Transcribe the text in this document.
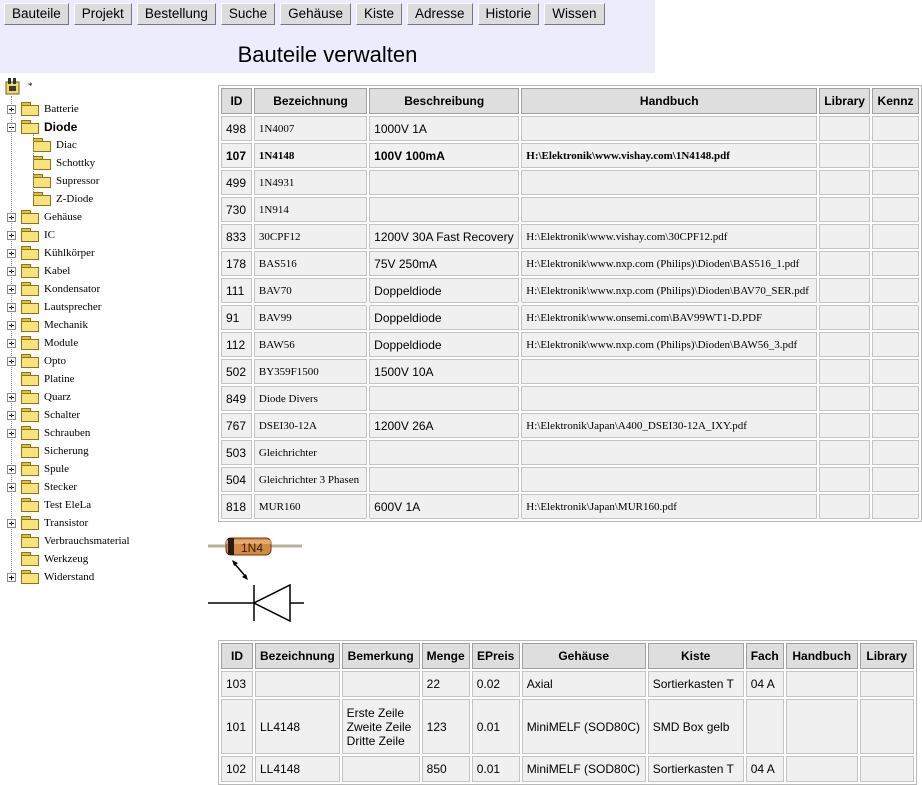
Bauteile	Projekt	Bestellung	Suche	Gehäuse	Kiste	Adresse	Historie	Wissen
Bauteile verwalten
*
Batterie
Diode
Diac
Schottky
Supressor
Z-Diode
Gehäuse
IC
Kühlkörper
Kabel
Kondensator
Lautsprecher
Mechanik
Module
Opto
Platine
Quarz
Schalter
Schrauben
Sicherung
Spule
Stecker
Test EleLa
Transistor
Verbrauchsmaterial
Werkzeug
Widerstand
ID	Bezeichnung	Beschreibung	Handbuch	Library	Kennz
498	1N4007	1000V 1A			
107	1N4148	100V 100mA	H:\Elektronik\www.vishay.com\1N4148.pdf		
499	1N4931				
730	1N914				
833	30CPF12	1200V 30A Fast Recovery	H:\Elektronik\www.vishay.com\30CPF12.pdf		
178	BAS516	75V 250mA	H:\Elektronik\www.nxp.com (Philips)\Dioden\BAS516_1.pdf		
111	BAV70	Doppeldiode	H:\Elektronik\www.nxp.com (Philips)\Dioden\BAV70_SER.pdf		
91	BAV99	Doppeldiode	H:\Elektronik\www.onsemi.com\BAV99WT1-D.PDF		
112	BAW56	Doppeldiode	H:\Elektronik\www.nxp.com (Philips)\Dioden\BAW56_3.pdf		
502	BY359F1500	1500V 10A			
849	Diode Divers				
767	DSEI30-12A	1200V 26A	H:\Elektronik\Japan\A400_DSEI30-12A_IXY.pdf		
503	Gleichrichter				
504	Gleichrichter 3 Phasen				
818	MUR160	600V 1A	H:\Elektronik\Japan\MUR160.pdf		
1N4
ID	Bezeichnung	Bemerkung	Menge	EPreis	Gehäuse	Kiste	Fach	Handbuch	Library
103			22	0.02	Axial	Sortierkasten T	04 A		
101	LL4148	Erste Zeile
Zweite Zeile
Dritte Zeile	123	0.01	MiniMELF (SOD80C)	SMD Box gelb			
102	LL4148		850	0.01	MiniMELF (SOD80C)	Sortierkasten T	04 A		
